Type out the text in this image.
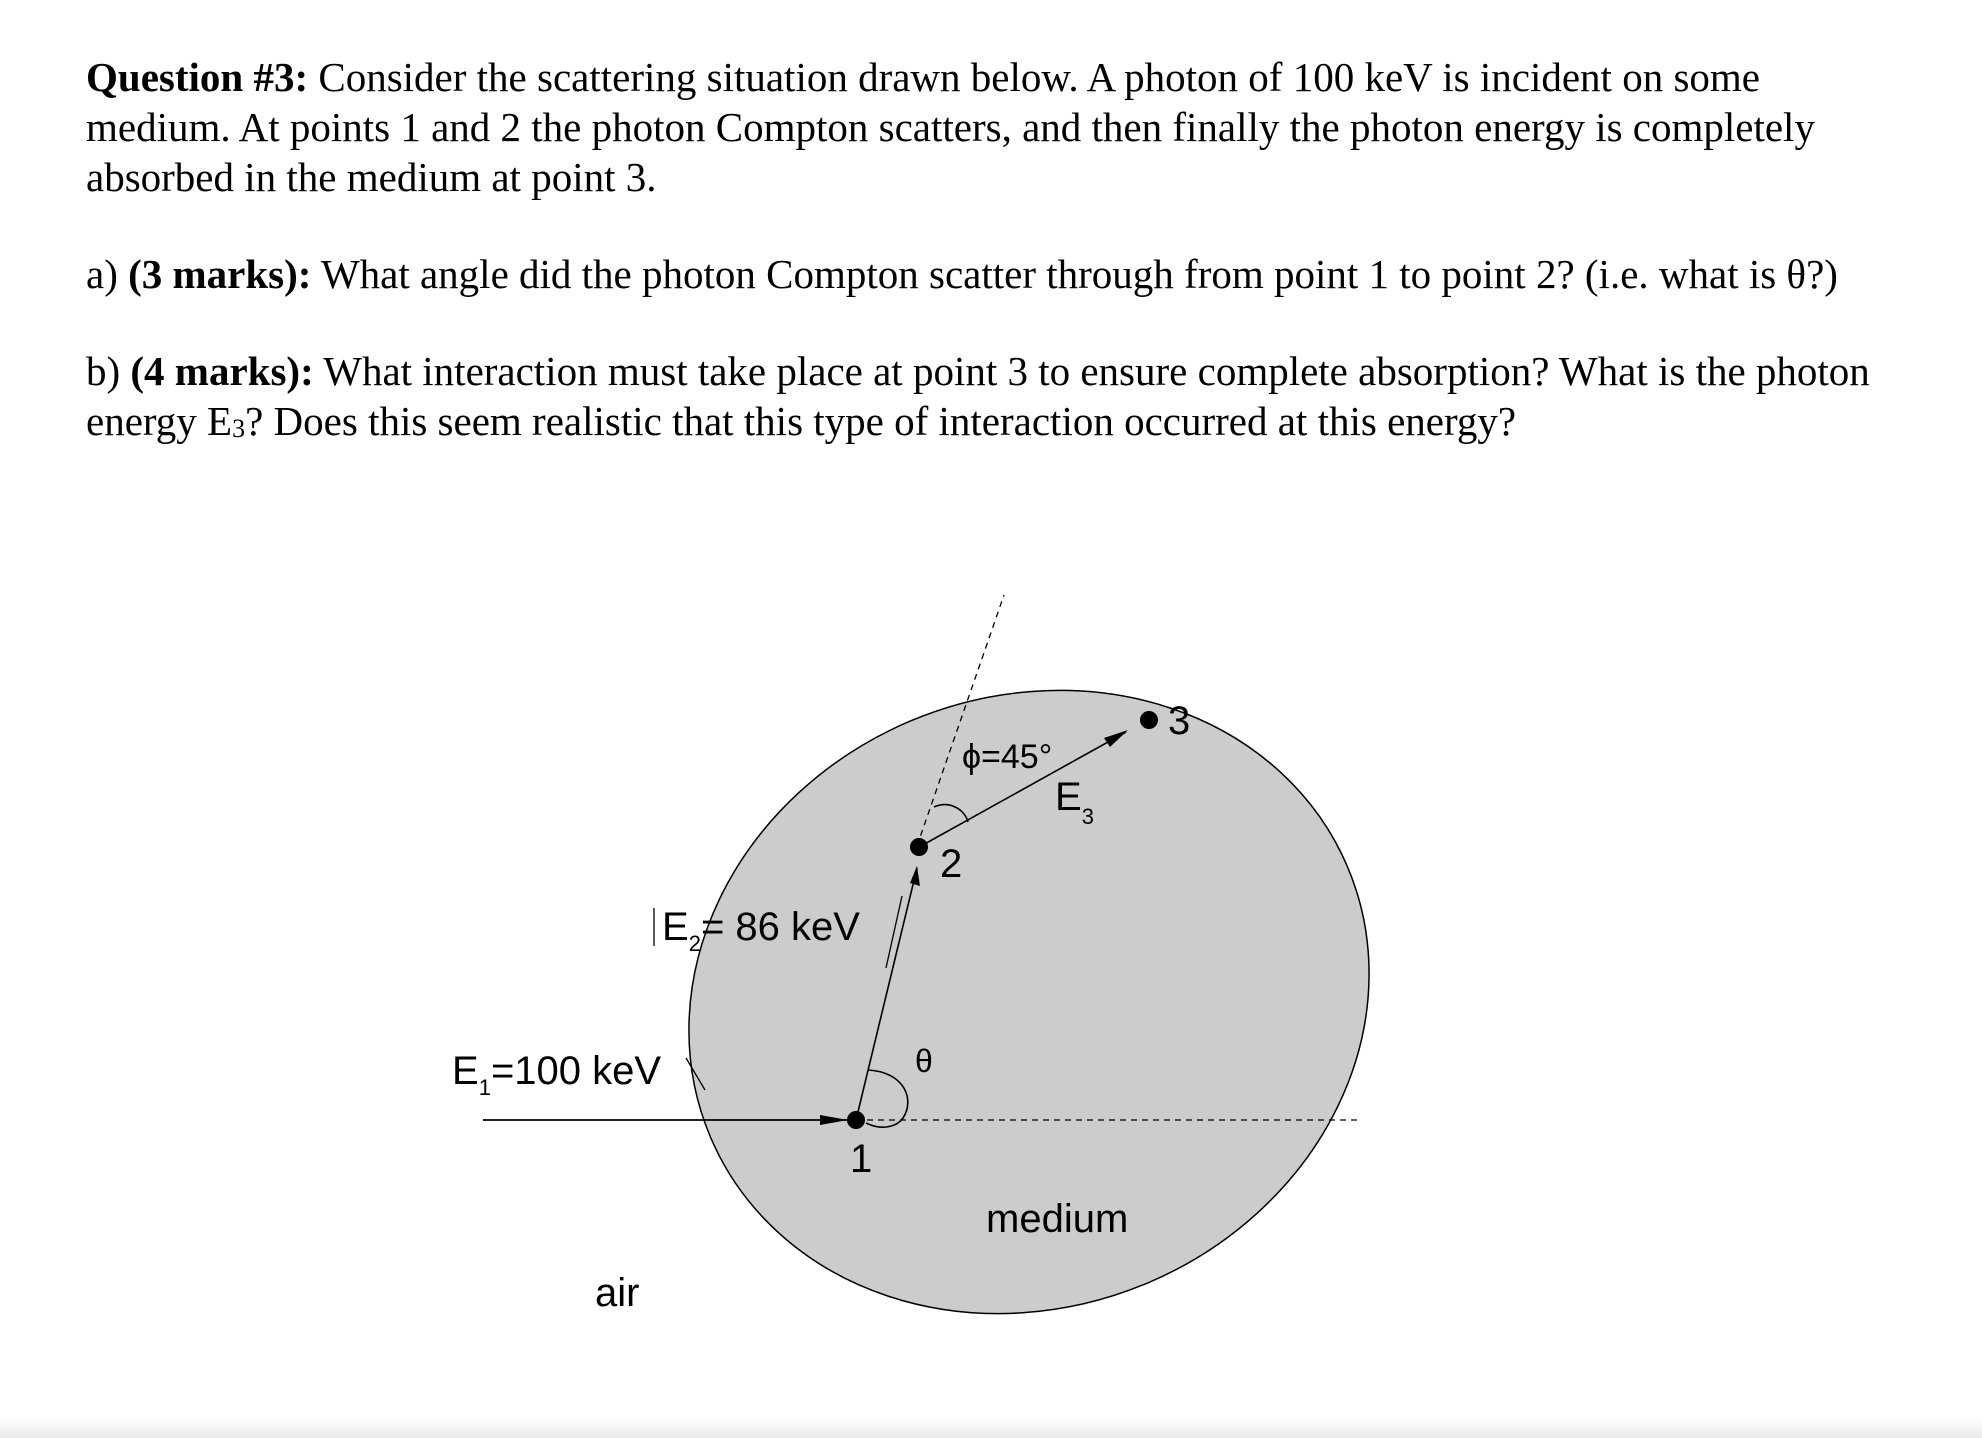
Question #3: Consider the scattering situation drawn below. A photon of 100 keV is incident on some medium. At points 1 and 2 the photon Compton scatters, and then finally the photon energy is completely absorbed in the medium at point 3.

a) (3 marks): What angle did the photon Compton scatter through from point 1 to point 2? (i.e. what is θ?)

b) (4 marks): What interaction must take place at point 3 to ensure complete absorption? What is the photon energy $E_3$? Does this seem realistic that this type of interaction occurred at this energy?

$E_1=100$ keV
$E_2= 86$ keV
$E_3$
ϕ=45°
θ
1
2
3
medium
air
